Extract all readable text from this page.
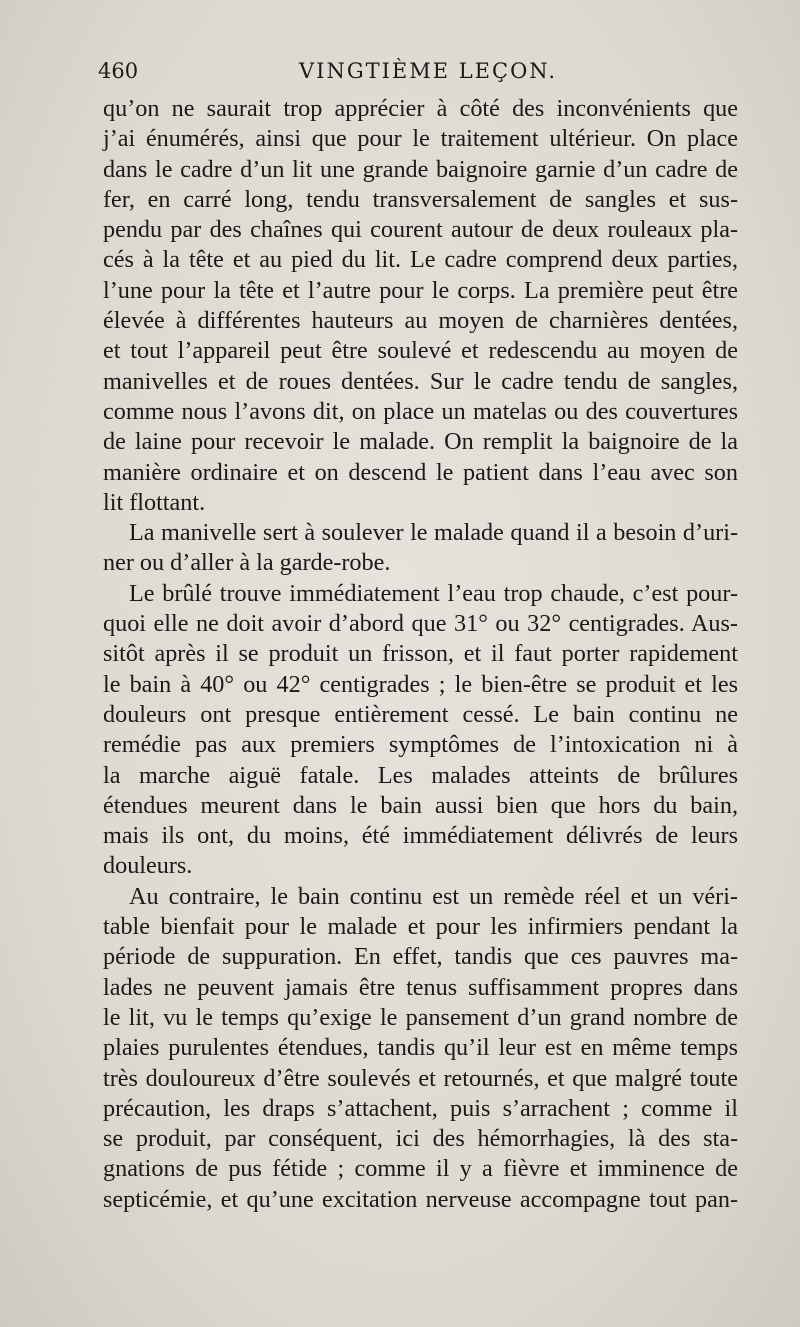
460	VINGTIÈME LEÇON.
qu’on ne saurait trop apprécier à côté des inconvénients que
j’ai énumérés, ainsi que pour le traitement ultérieur. On place
dans le cadre d’un lit une grande baignoire garnie d’un cadre de
fer, en carré long, tendu transversalement de sangles et sus-
pendu par des chaînes qui courent autour de deux rouleaux pla-
cés à la tête et au pied du lit. Le cadre comprend deux parties,
l’une pour la tête et l’autre pour le corps. La première peut être
élevée à différentes hauteurs au moyen de charnières dentées,
et tout l’appareil peut être soulevé et redescendu au moyen de
manivelles et de roues dentées. Sur le cadre tendu de sangles,
comme nous l’avons dit, on place un matelas ou des couvertures
de laine pour recevoir le malade. On remplit la baignoire de la
manière ordinaire et on descend le patient dans l’eau avec son
lit flottant.
La manivelle sert à soulever le malade quand il a besoin d’uri-
ner ou d’aller à la garde-robe.
Le brûlé trouve immédiatement l’eau trop chaude, c’est pour-
quoi elle ne doit avoir d’abord que 31° ou 32° centigrades. Aus-
sitôt après il se produit un frisson, et il faut porter rapidement
le bain à 40° ou 42° centigrades ; le bien-être se produit et les
douleurs ont presque entièrement cessé. Le bain continu ne
remédie pas aux premiers symptômes de l’intoxication ni à
la marche aiguë fatale. Les malades atteints de brûlures
étendues meurent dans le bain aussi bien que hors du bain,
mais ils ont, du moins, été immédiatement délivrés de leurs
douleurs.
Au contraire, le bain continu est un remède réel et un véri-
table bienfait pour le malade et pour les infirmiers pendant la
période de suppuration. En effet, tandis que ces pauvres ma-
lades ne peuvent jamais être tenus suffisamment propres dans
le lit, vu le temps qu’exige le pansement d’un grand nombre de
plaies purulentes étendues, tandis qu’il leur est en même temps
très douloureux d’être soulevés et retournés, et que malgré toute
précaution, les draps s’attachent, puis s’arrachent ; comme il
se produit, par conséquent, ici des hémorrhagies, là des sta-
gnations de pus fétide ; comme il y a fièvre et imminence de
septicémie, et qu’une excitation nerveuse accompagne tout pan-
